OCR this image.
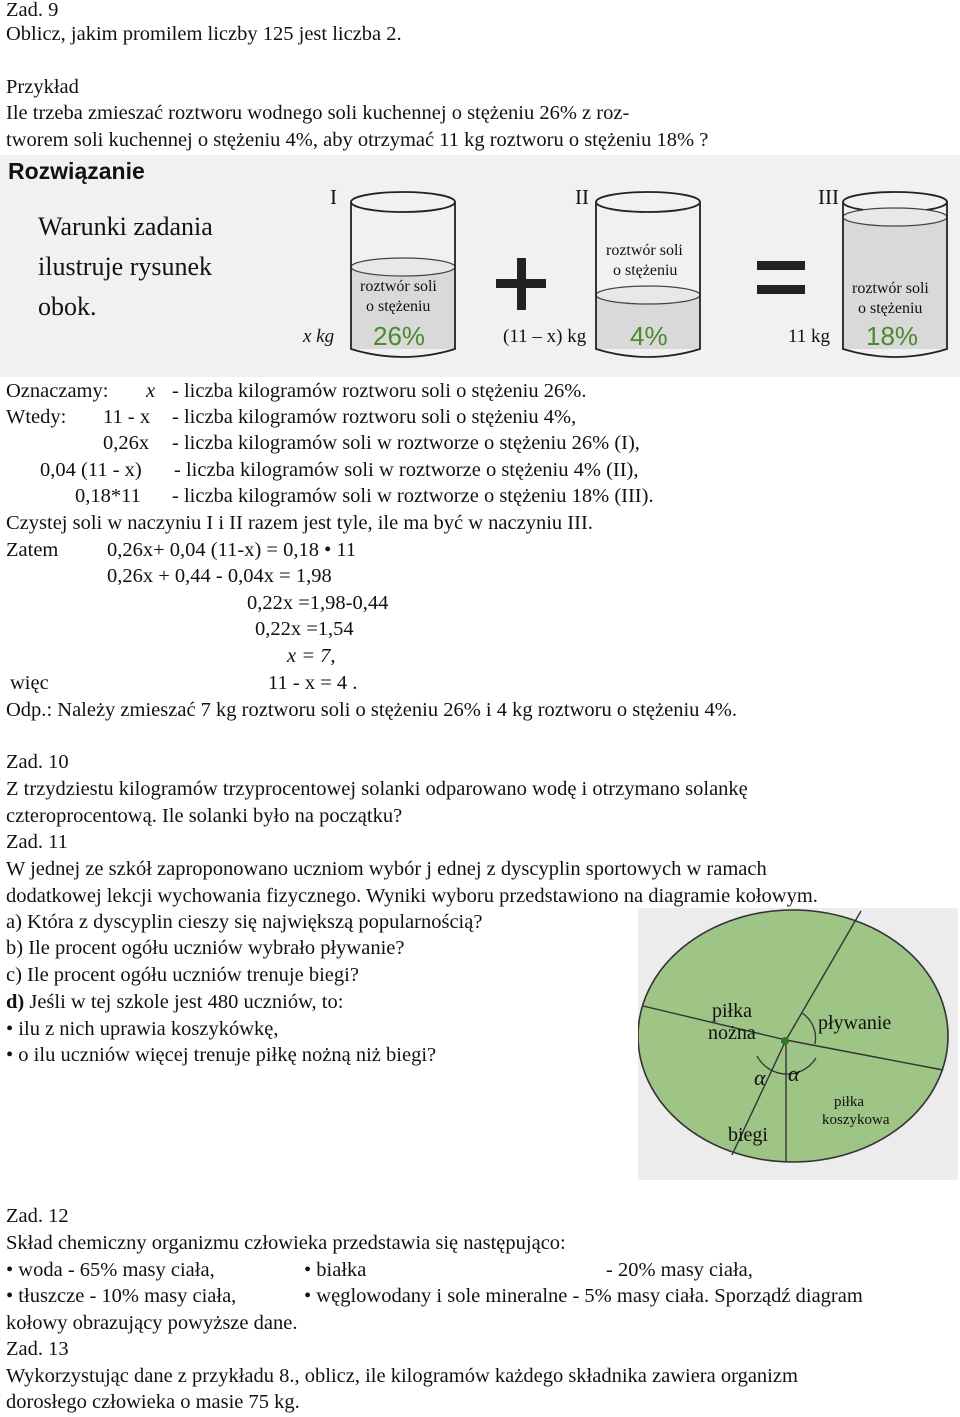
Zad. 9
Oblicz, jakim promilem liczby 125 jest liczba 2.
Przykład
Ile trzeba zmieszać roztworu wodnego soli kuchennej o stężeniu 26% z roz-
tworem soli kuchennej o stężeniu 4%, aby otrzymać 11 kg roztworu o stężeniu 18% ?
Rozwiązanie
Warunki zadania
ilustruje rysunek
obok.
I	II	III
roztwór soli
o stężeniu
26%
x kg
roztwór soli
o stężeniu
4%
(11 – x) kg
roztwór soli
o stężeniu
18%
11 kg
Oznaczamy: x - liczba kilogramów roztworu soli o stężeniu 26%.
Wtedy: 11 - x - liczba kilogramów roztworu soli o stężeniu 4%,
0,26x - liczba kilogramów soli w roztworze o stężeniu 26% (I),
0,04 (11 - x) - liczba kilogramów soli w roztworze o stężeniu 4% (II),
0,18*11 - liczba kilogramów soli w roztworze o stężeniu 18% (III).
Czystej soli w naczyniu I i II razem jest tyle, ile ma być w naczyniu III.
Zatem 0,26x+ 0,04 (11-x) = 0,18 • 11
0,26x + 0,44 - 0,04x = 1,98
0,22x =1,98-0,44
0,22x =1,54
x = 7,
więc	11 - x = 4 .
Odp.: Należy zmieszać 7 kg roztworu soli o stężeniu 26% i 4 kg roztworu o stężeniu 4%.
Zad. 10
Z trzydziestu kilogramów trzyprocentowej solanki odparowano wodę i otrzymano solankę
czteroprocentową. Ile solanki było na początku?
Zad. 11
W jednej ze szkół zaproponowano uczniom wybór j ednej z dyscyplin sportowych w ramach
dodatkowej lekcji wychowania fizycznego. Wyniki wyboru przedstawiono na diagramie kołowym.
a) Która z dyscyplin cieszy się największą popularnością?
b) Ile procent ogółu uczniów wybrało pływanie?
c) Ile procent ogółu uczniów trenuje biegi?
d) Jeśli w tej szkole jest 480 uczniów, to:
• ilu z nich uprawia koszykówkę,
• o ilu uczniów więcej trenuje piłkę nożną niż biegi?
piłka
nożna	pływanie
biegi
piłka
koszykowa
α α
Zad. 12
Skład chemiczny organizmu człowieka przedstawia się następująco:
• woda - 65% masy ciała,	• białka	- 20% masy ciała,
• tłuszcze - 10% masy ciała,	• węglowodany i sole mineralne - 5% masy ciała. Sporządź diagram
kołowy obrazujący powyższe dane.
Zad. 13
Wykorzystując dane z przykładu 8., oblicz, ile kilogramów każdego składnika zawiera organizm
dorosłego człowieka o masie 75 kg.
